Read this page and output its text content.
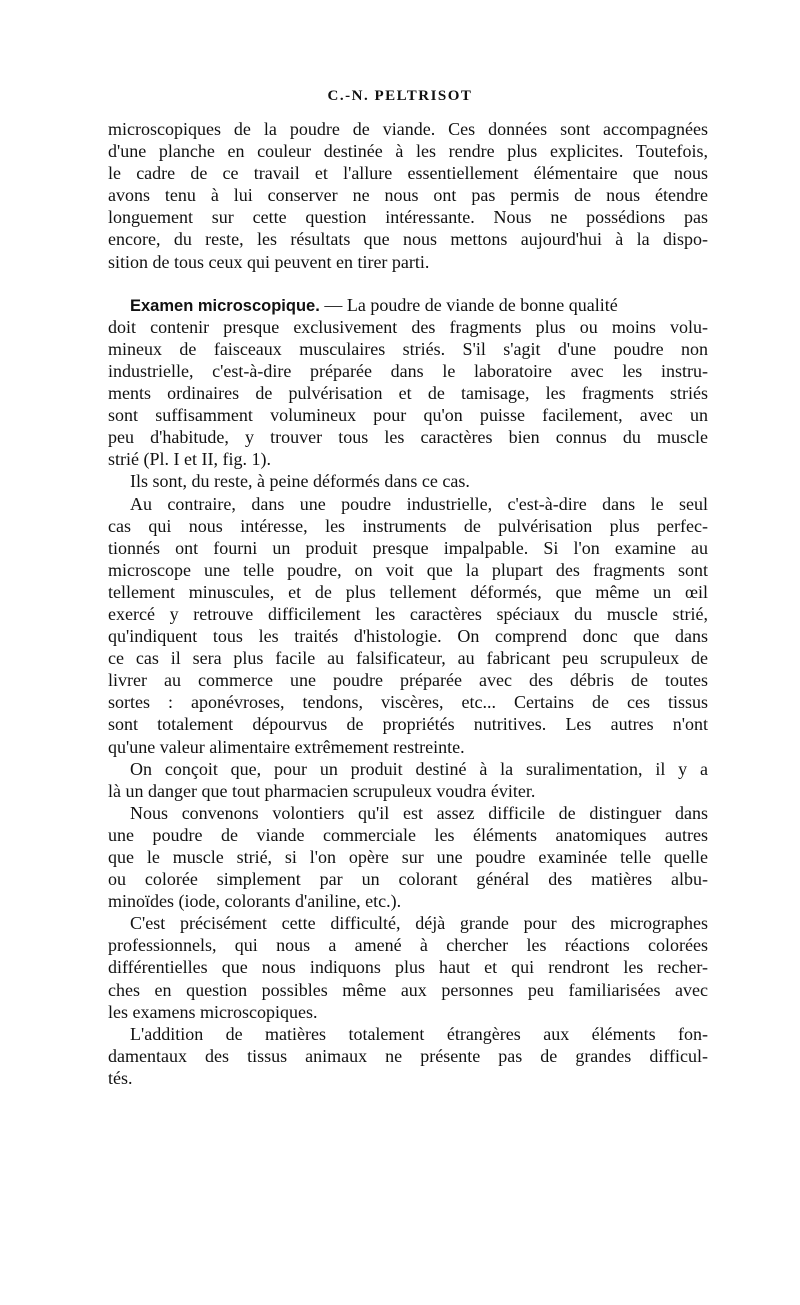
C.-N. PELTRISOT
microscopiques de la poudre de viande. Ces données sont accompagnées
d'une planche en couleur destinée à les rendre plus explicites. Toutefois,
le cadre de ce travail et l'allure essentiellement élémentaire que nous
avons tenu à lui conserver ne nous ont pas permis de nous étendre
longuement sur cette question intéressante. Nous ne possédions pas
encore, du reste, les résultats que nous mettons aujourd'hui à la dispo-
sition de tous ceux qui peuvent en tirer parti.
Examen microscopique. — La poudre de viande de bonne qualité
doit contenir presque exclusivement des fragments plus ou moins volu-
mineux de faisceaux musculaires striés. S'il s'agit d'une poudre non
industrielle, c'est-à-dire préparée dans le laboratoire avec les instru-
ments ordinaires de pulvérisation et de tamisage, les fragments striés
sont suffisamment volumineux pour qu'on puisse facilement, avec un
peu d'habitude, y trouver tous les caractères bien connus du muscle
strié (Pl. I et II, fig. 1).
Ils sont, du reste, à peine déformés dans ce cas.
Au contraire, dans une poudre industrielle, c'est-à-dire dans le seul
cas qui nous intéresse, les instruments de pulvérisation plus perfec-
tionnés ont fourni un produit presque impalpable. Si l'on examine au
microscope une telle poudre, on voit que la plupart des fragments sont
tellement minuscules, et de plus tellement déformés, que même un œil
exercé y retrouve difficilement les caractères spéciaux du muscle strié,
qu'indiquent tous les traités d'histologie. On comprend donc que dans
ce cas il sera plus facile au falsificateur, au fabricant peu scrupuleux de
livrer au commerce une poudre préparée avec des débris de toutes
sortes : aponévroses, tendons, viscères, etc... Certains de ces tissus
sont totalement dépourvus de propriétés nutritives. Les autres n'ont
qu'une valeur alimentaire extrêmement restreinte.
On conçoit que, pour un produit destiné à la suralimentation, il y a
là un danger que tout pharmacien scrupuleux voudra éviter.
Nous convenons volontiers qu'il est assez difficile de distinguer dans
une poudre de viande commerciale les éléments anatomiques autres
que le muscle strié, si l'on opère sur une poudre examinée telle quelle
ou colorée simplement par un colorant général des matières albu-
minoïdes (iode, colorants d'aniline, etc.).
C'est précisément cette difficulté, déjà grande pour des micrographes
professionnels, qui nous a amené à chercher les réactions colorées
différentielles que nous indiquons plus haut et qui rendront les recher-
ches en question possibles même aux personnes peu familiarisées avec
les examens microscopiques.
L'addition de matières totalement étrangères aux éléments fon-
damentaux des tissus animaux ne présente pas de grandes difficul-
tés.
